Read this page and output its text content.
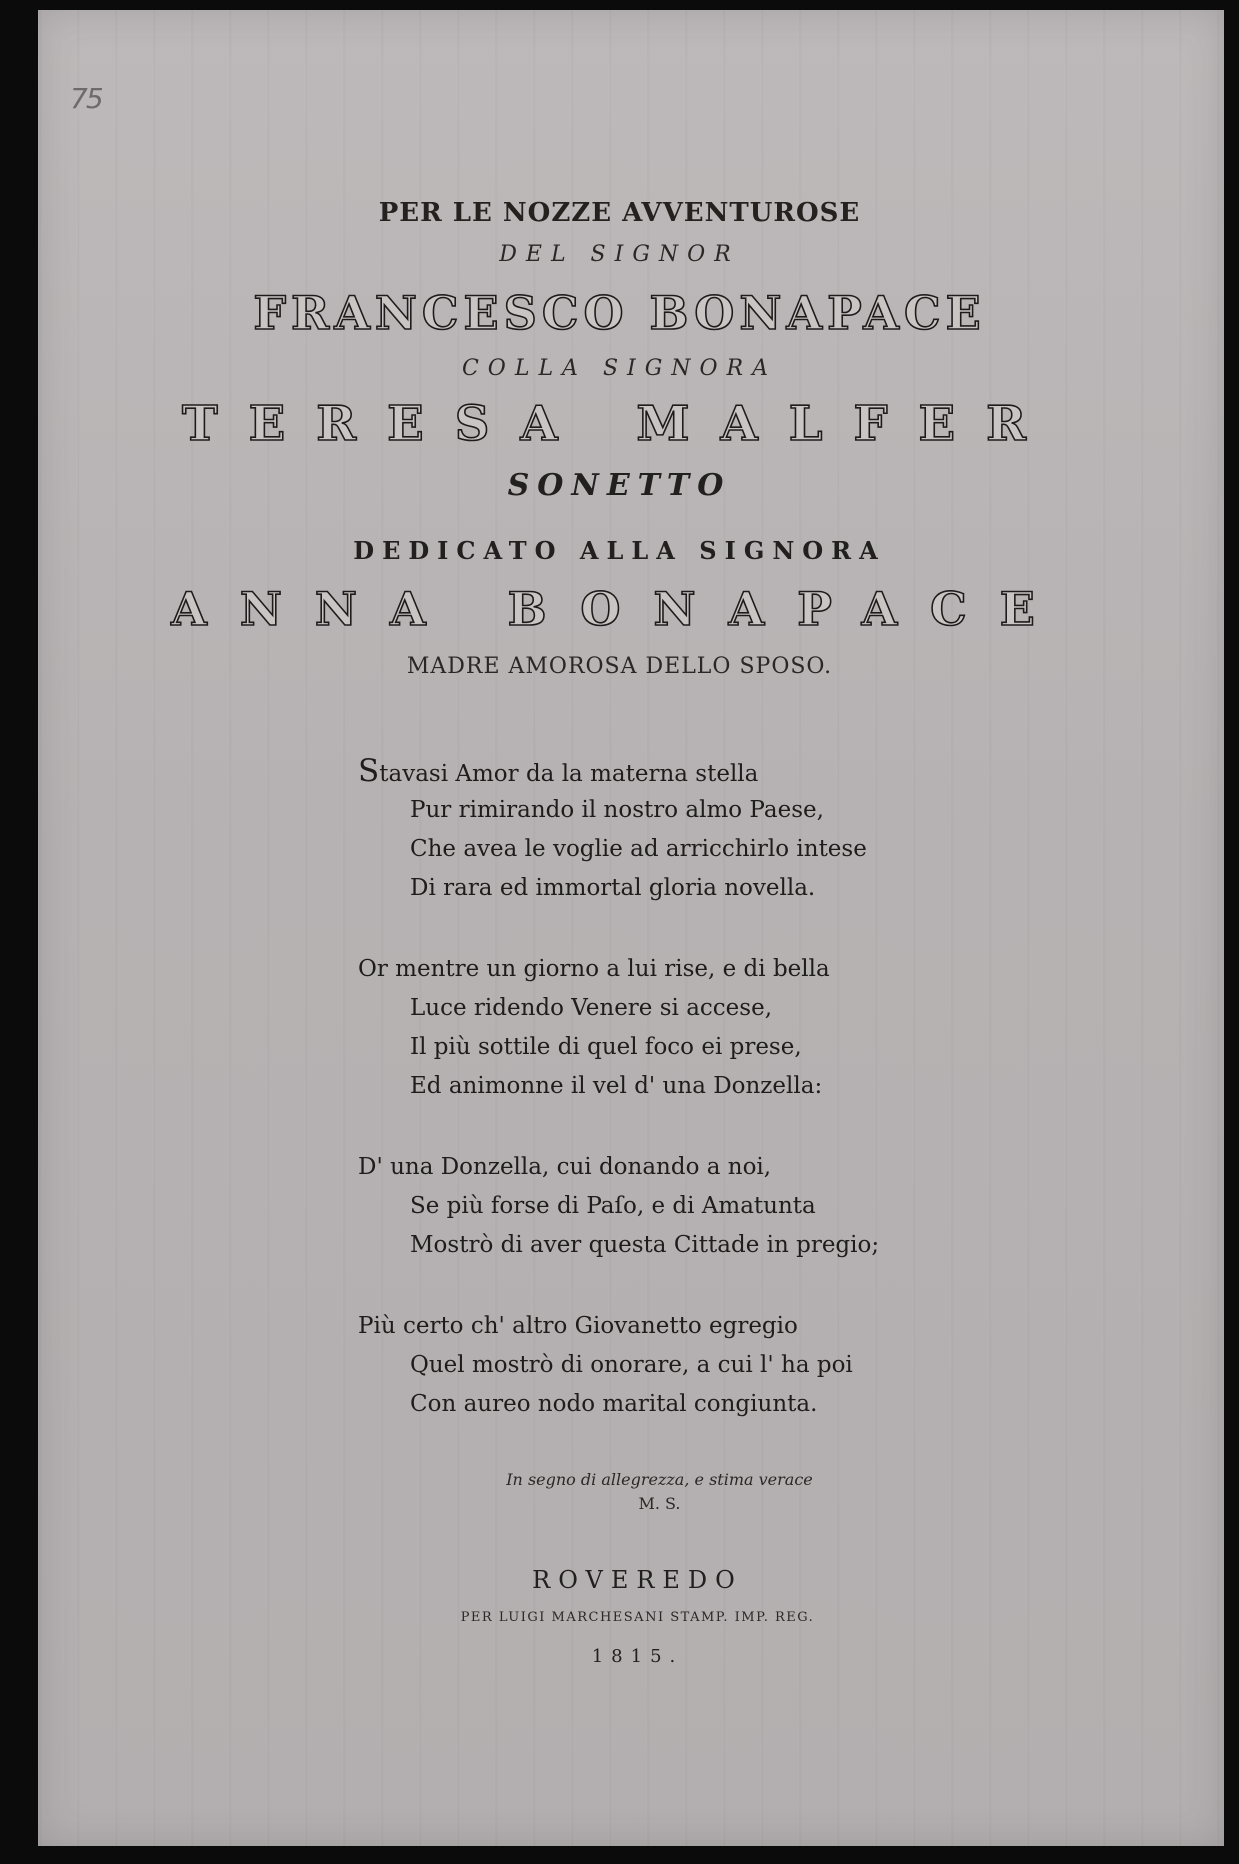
75
PER LE NOZZE AVVENTUROSE
DEL SIGNOR
FRANCESCO BONAPACE
COLLA SIGNORA
TERESA MALFER
SONETTO
DEDICATO ALLA SIGNORA
ANNA BONAPACE
MADRE AMOROSA DELLO SPOSO.
Stavasi Amor da la materna stella
Pur rimirando il nostro almo Paese,
Che avea le voglie ad arricchirlo intese
Di rara ed immortal gloria novella.
Or mentre un giorno a lui rise, e di bella
Luce ridendo Venere si accese,
Il più sottile di quel foco ei prese,
Ed animonne il vel d' una Donzella:
D' una Donzella, cui donando a noi,
Se più forse di Paſo, e di Amatunta
Mostrò di aver questa Cittade in pregio;
Più certo ch' altro Giovanetto egregio
Quel mostrò di onorare, a cui l' ha poi
Con aureo nodo marital congiunta.
In segno di allegrezza, e stima verace
M. S.
ROVEREDO
PER LUIGI MARCHESANI STAMP. IMP. REG.
1815.
